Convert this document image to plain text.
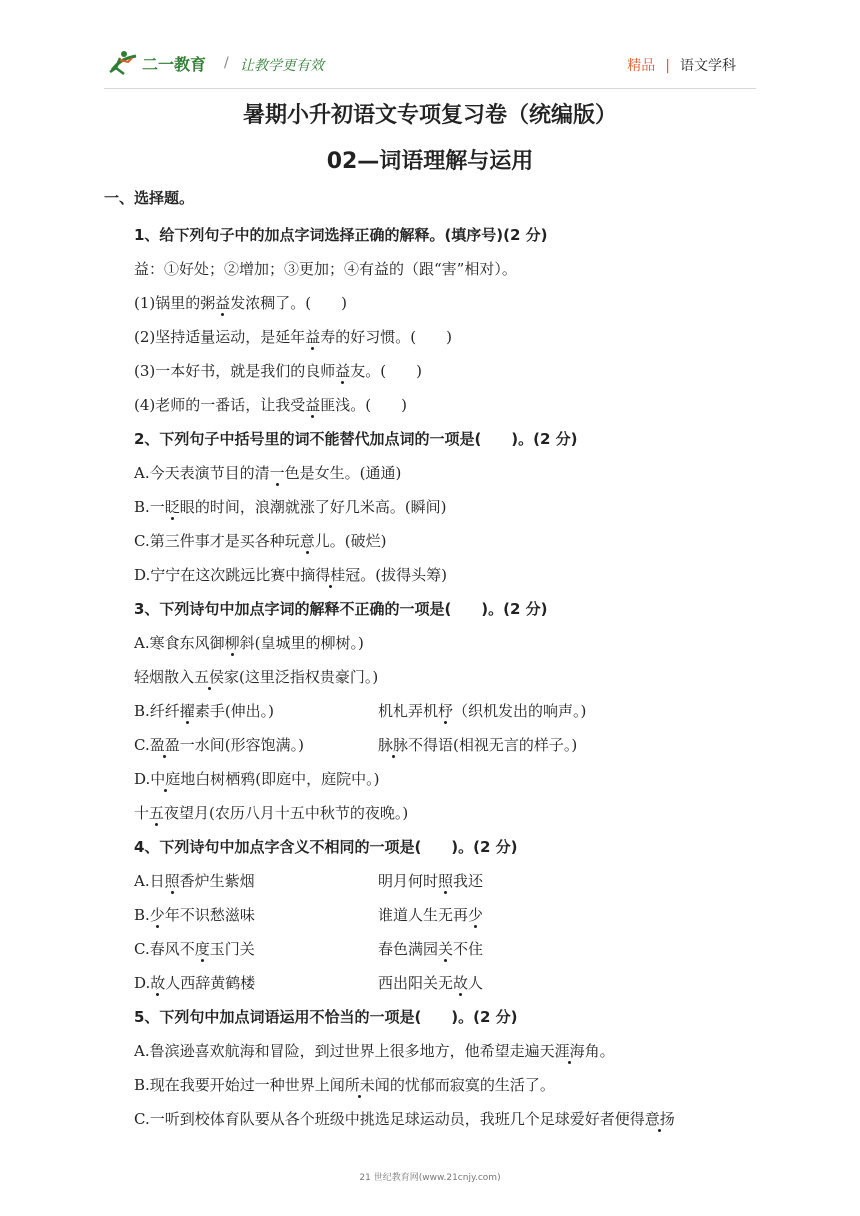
二一教育 / 让教学更有效	精品 | 语文学科
暑期小升初语文专项复习卷（统编版）
02—词语理解与运用
一、选择题。
1、给下列句子中的加点字词选择正确的解释。(填序号)(2 分)
益：①好处；②增加；③更加；④有益的（跟“害”相对）。
(1)锅里的粥益发浓稠了。(　　)
(2)坚持适量运动，是延年益寿的好习惯。(　　)
(3)一本好书，就是我们的良师益友。(　　)
(4)老师的一番话，让我受益匪浅。(　　)
2、下列句子中括号里的词不能替代加点词的一项是(　　)。(2 分)
A.今天表演节目的清一色是女生。(通通)
B.一眨眼的时间，浪潮就涨了好几米高。(瞬间)
C.第三件事才是买各种玩意儿。(破烂)
D.宁宁在这次跳远比赛中摘得桂冠。(拔得头筹)
3、下列诗句中加点字词的解释不正确的一项是(　　)。(2 分)
A.寒食东风御柳斜(皇城里的柳树。)
轻烟散入五侯家(这里泛指权贵豪门。)
B.纤纤擢素手(伸出。)	机札弄机杼（织机发出的响声。)
C.盈盈一水间(形容饱满。)	脉脉不得语(相视无言的样子。)
D.中庭地白树栖鸦(即庭中，庭院中。)
十五夜望月(农历八月十五中秋节的夜晚。)
4、下列诗句中加点字含义不相同的一项是(　　)。(2 分)
A.日照香炉生紫烟	明月何时照我还
B.少年不识愁滋味	谁道人生无再少
C.春风不度玉门关	春色满园关不住
D.故人西辞黄鹤楼	西出阳关无故人
5、下列句中加点词语运用不恰当的一项是(　　)。(2 分)
A.鲁滨逊喜欢航海和冒险，到过世界上很多地方，他希望走遍天涯海角。
B.现在我要开始过一种世界上闻所未闻的忧郁而寂寞的生活了。
C.一听到校体育队要从各个班级中挑选足球运动员，我班几个足球爱好者便得意扬
21 世纪教育网(www.21cnjy.com)
